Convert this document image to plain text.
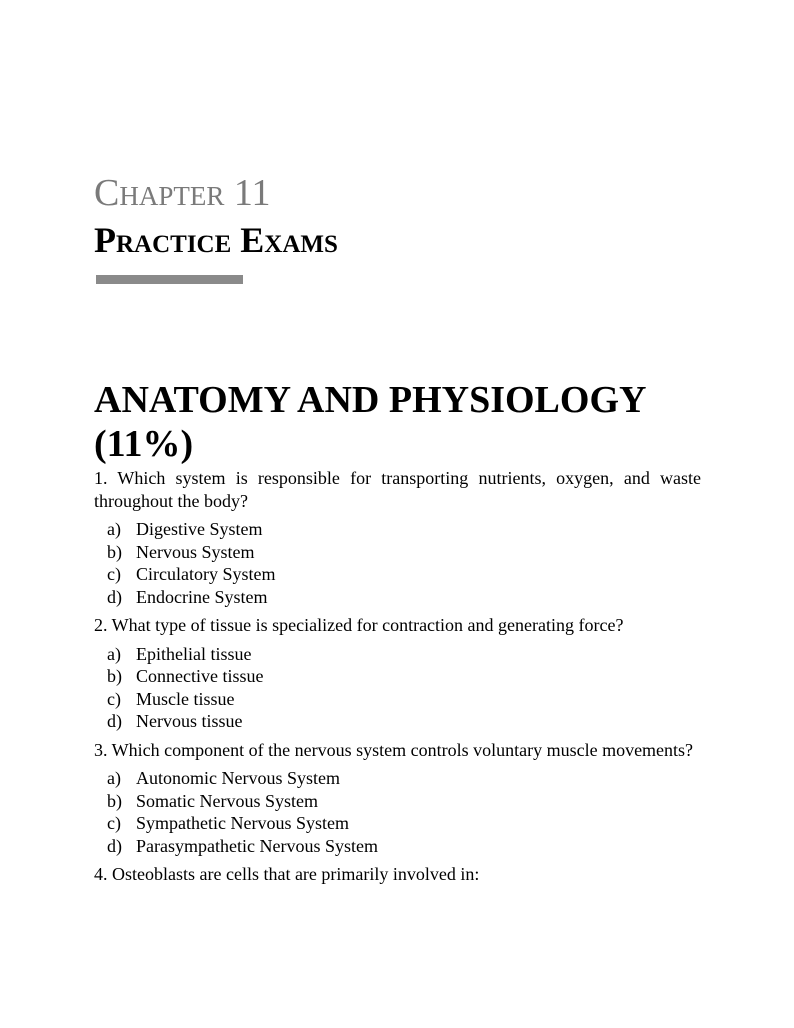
Chapter 11
Practice Exams
ANATOMY AND PHYSIOLOGY (11%)

1. Which system is responsible for transporting nutrients, oxygen, and waste throughout the body?

a) Digestive System
b) Nervous System
c) Circulatory System
d) Endocrine System

2. What type of tissue is specialized for contraction and generating force?

a) Epithelial tissue
b) Connective tissue
c) Muscle tissue
d) Nervous tissue

3. Which component of the nervous system controls voluntary muscle movements?

a) Autonomic Nervous System
b) Somatic Nervous System
c) Sympathetic Nervous System
d) Parasympathetic Nervous System

4. Osteoblasts are cells that are primarily involved in:
